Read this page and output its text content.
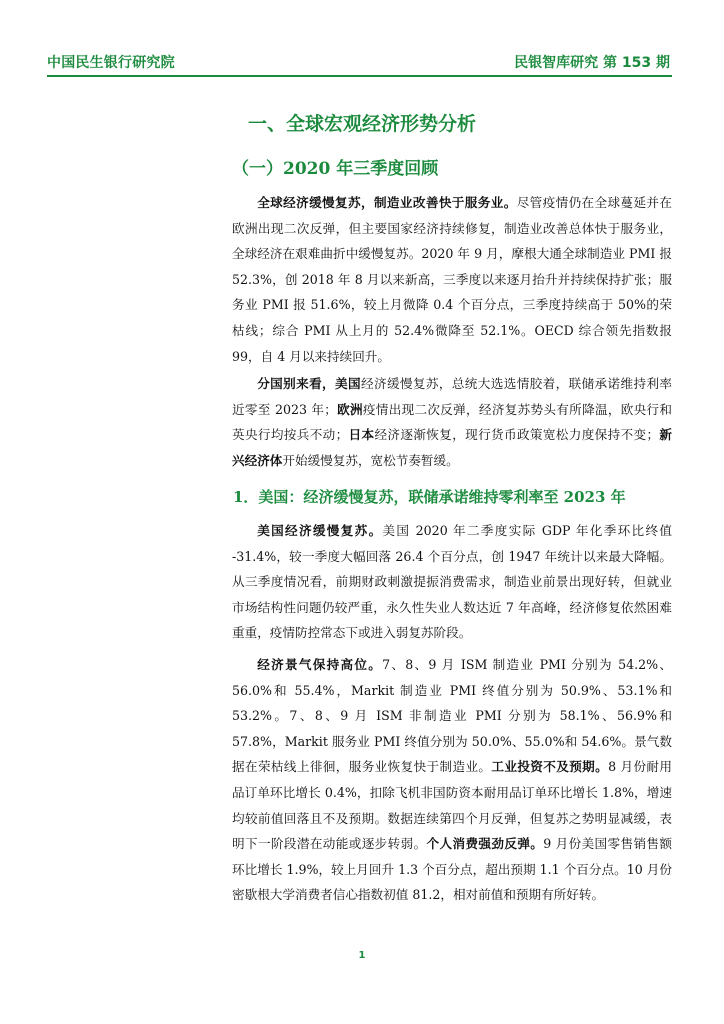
中国民生银行研究院	民银智库研究 第 153 期
一、全球宏观经济形势分析
（一）2020 年三季度回顾

全球经济缓慢复苏，制造业改善快于服务业。尽管疫情仍在全球蔓延并在欧洲出现二次反弹，但主要国家经济持续修复，制造业改善总体快于服务业，全球经济在艰难曲折中缓慢复苏。2020 年 9 月，摩根大通全球制造业 PMI 报 52.3%，创 2018 年 8 月以来新高，三季度以来逐月抬升并持续保持扩张；服务业 PMI 报 51.6%，较上月微降 0.4 个百分点，三季度持续高于 50%的荣枯线；综合 PMI 从上月的 52.4%微降至 52.1%。OECD 综合领先指数报 99，自 4 月以来持续回升。

分国别来看，美国经济缓慢复苏，总统大选选情胶着，联储承诺维持利率近零至 2023 年；欧洲疫情出现二次反弹，经济复苏势头有所降温，欧央行和英央行均按兵不动；日本经济逐渐恢复，现行货币政策宽松力度保持不变；新兴经济体开始缓慢复苏，宽松节奏暂缓。

1．美国：经济缓慢复苏，联储承诺维持零利率至 2023 年

美国经济缓慢复苏。美国 2020 年二季度实际 GDP 年化季环比终值 -31.4%，较一季度大幅回落 26.4 个百分点，创 1947 年统计以来最大降幅。从三季度情况看，前期财政刺激提振消费需求，制造业前景出现好转，但就业市场结构性问题仍较严重，永久性失业人数达近 7 年高峰，经济修复依然困难重重，疫情防控常态下或进入弱复苏阶段。

经济景气保持高位。7、8、9 月 ISM 制造业 PMI 分别为 54.2%、56.0%和 55.4%，Markit 制造业 PMI 终值分别为 50.9%、53.1%和 53.2%。7、8、9 月 ISM 非制造业 PMI 分别为 58.1%、56.9%和 57.8%，Markit 服务业 PMI 终值分别为 50.0%、55.0%和 54.6%。景气数据在荣枯线上徘徊，服务业恢复快于制造业。工业投资不及预期。8 月份耐用品订单环比增长 0.4%，扣除飞机非国防资本耐用品订单环比增长 1.8%，增速均较前值回落且不及预期。数据连续第四个月反弹，但复苏之势明显减缓，表明下一阶段潜在动能或逐步转弱。个人消费强劲反弹。9 月份美国零售销售额环比增长 1.9%，较上月回升 1.3 个百分点，超出预期 1.1 个百分点。10 月份密歇根大学消费者信心指数初值 81.2，相对前值和预期有所好转。

1
